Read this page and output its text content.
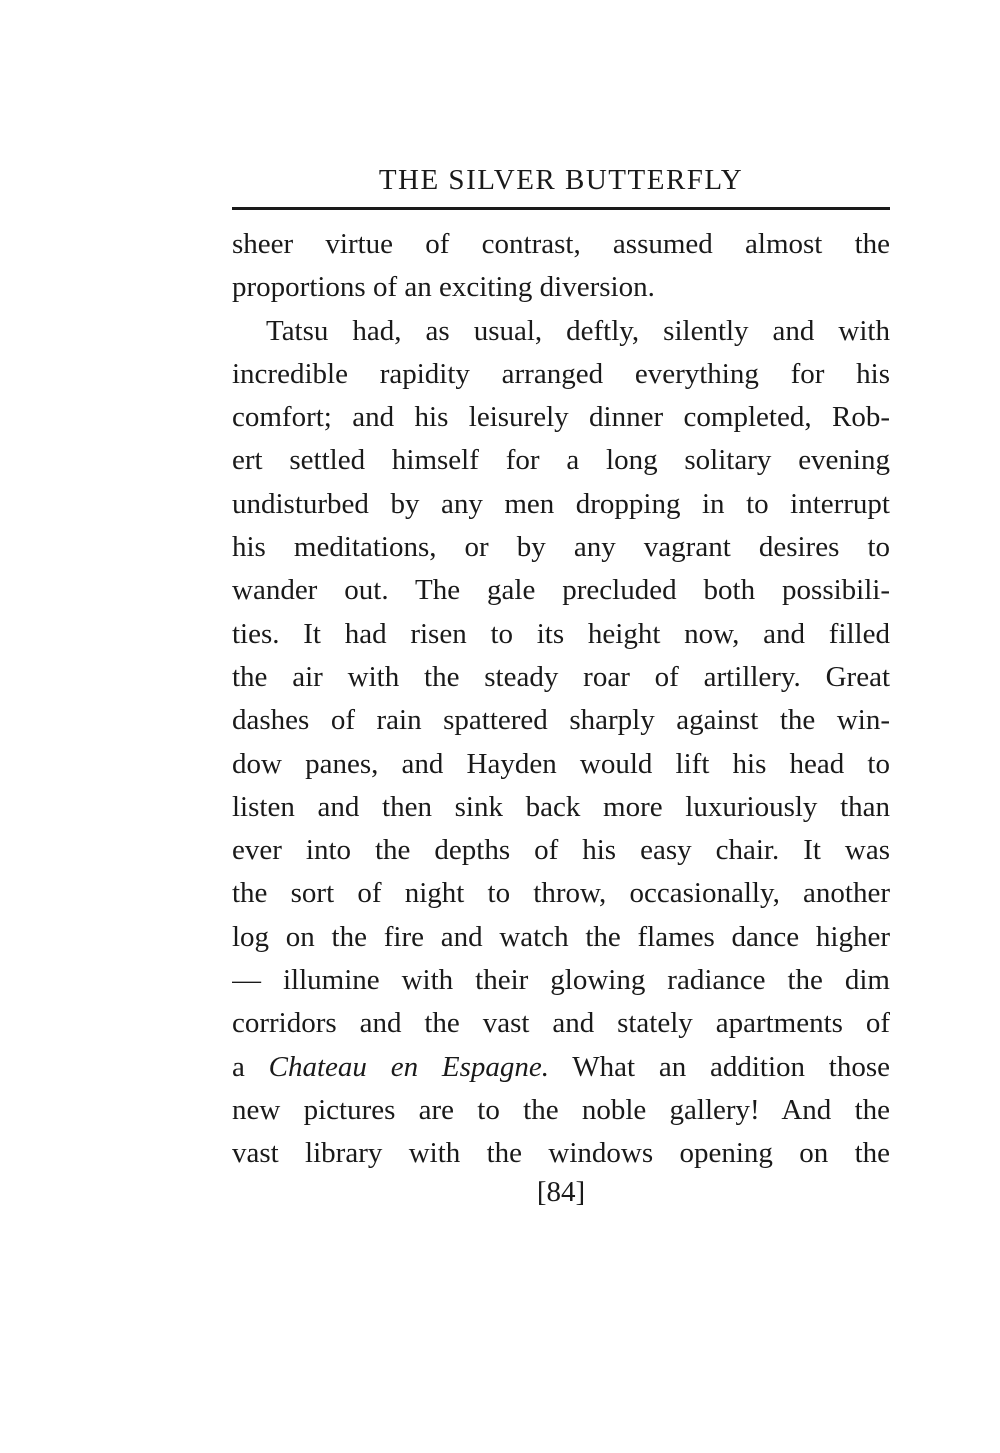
THE SILVER BUTTERFLY
sheer virtue of contrast, assumed almost the
proportions of an exciting diversion.
Tatsu had, as usual, deftly, silently and with
incredible rapidity arranged everything for his
comfort; and his leisurely dinner completed, Rob-
ert settled himself for a long solitary evening
undisturbed by any men dropping in to interrupt
his meditations, or by any vagrant desires to
wander out. The gale precluded both possibili-
ties. It had risen to its height now, and filled
the air with the steady roar of artillery. Great
dashes of rain spattered sharply against the win-
dow panes, and Hayden would lift his head to
listen and then sink back more luxuriously than
ever into the depths of his easy chair. It was
the sort of night to throw, occasionally, another
log on the fire and watch the flames dance higher
— illumine with their glowing radiance the dim
corridors and the vast and stately apartments of
a Chateau en Espagne. What an addition those
new pictures are to the noble gallery! And the
vast library with the windows opening on the
[84]
